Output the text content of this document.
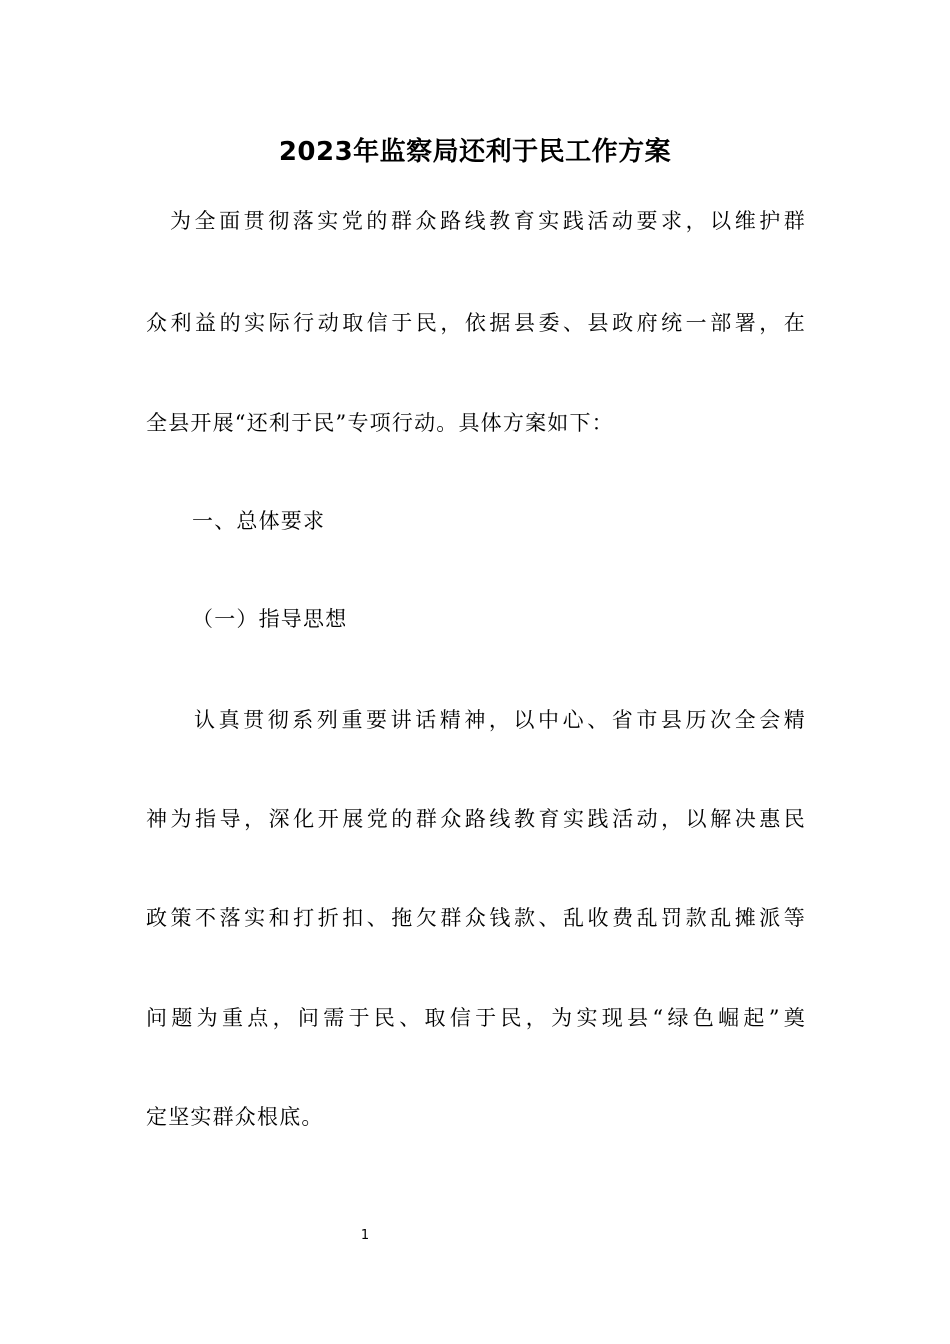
2023年监察局还利于民工作方案
为全面贯彻落实党的群众路线教育实践活动要求，以维护群
众利益的实际行动取信于民，依据县委、县政府统一部署，在
全县开展“还利于民”专项行动。具体方案如下：
一、总体要求
（一）指导思想
认真贯彻系列重要讲话精神，以中心、省市县历次全会精
神为指导，深化开展党的群众路线教育实践活动，以解决惠民
政策不落实和打折扣、拖欠群众钱款、乱收费乱罚款乱摊派等
问题为重点，问需于民、取信于民，为实现县“绿色崛起”奠
定坚实群众根底。
1
